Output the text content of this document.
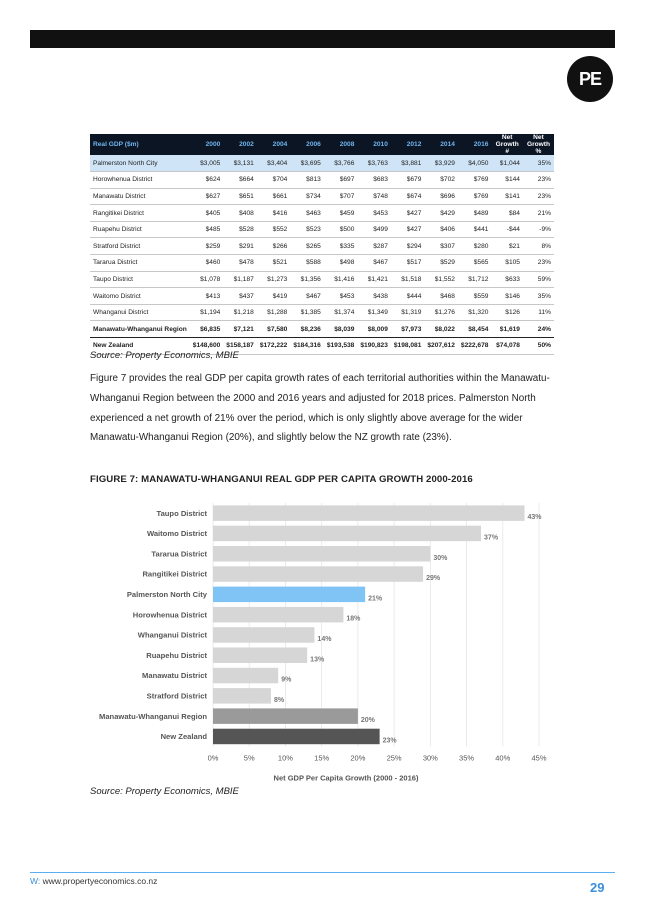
PE
Real GDP ($m)	2000	2002	2004	2006	2008	2010	2012	2014	2016	Net Growth #	Net Growth %
Palmerston North City	$3,005	$3,131	$3,404	$3,695	$3,766	$3,763	$3,881	$3,929	$4,050	$1,044	35%
Horowhenua District	$624	$664	$704	$813	$697	$683	$679	$702	$769	$144	23%
Manawatu District	$627	$651	$661	$734	$707	$748	$674	$696	$769	$141	23%
Rangitikei District	$405	$408	$416	$463	$459	$453	$427	$429	$489	$84	21%
Ruapehu District	$485	$528	$552	$523	$500	$499	$427	$406	$441	-$44	-9%
Stratford District	$259	$291	$266	$265	$335	$287	$294	$307	$280	$21	8%
Tararua District	$460	$478	$521	$588	$498	$467	$517	$529	$565	$105	23%
Taupo District	$1,078	$1,187	$1,273	$1,356	$1,416	$1,421	$1,518	$1,552	$1,712	$633	59%
Waitomo District	$413	$437	$419	$467	$453	$438	$444	$468	$559	$146	35%
Whanganui District	$1,194	$1,218	$1,288	$1,385	$1,374	$1,349	$1,319	$1,276	$1,320	$126	11%
Manawatu-Whanganui Region	$6,835	$7,121	$7,580	$8,236	$8,039	$8,009	$7,973	$8,022	$8,454	$1,619	24%
New Zealand	$148,600	$158,187	$172,222	$184,316	$193,538	$190,823	$198,081	$207,612	$222,678	$74,078	50%
Source: Property Economics, MBIE

Figure 7 provides the real GDP per capita growth rates of each territorial authorities within the Manawatu-Whanganui Region between the 2000 and 2016 years and adjusted for 2018 prices. Palmerston North experienced a net growth of 21% over the period, which is only slightly above average for the wider Manawatu-Whanganui Region (20%), and slightly below the NZ growth rate (23%).

FIGURE 7: MANAWATU-WHANGANUI REAL GDP PER CAPITA GROWTH 2000-2016
0%	5%	10%	15%	20%	25%	30%	35%	40%	45%
Taupo District	43%
Waitomo District	37%
Tararua District	30%
Rangitikei District	29%
Palmerston North City	21%
Horowhenua District	18%
Whanganui District	14%
Ruapehu District	13%
Manawatu District	9%
Stratford District	8%
Manawatu-Whanganui Region	20%
New Zealand	23%
Net GDP Per Capita Growth (2000 - 2016)
Source: Property Economics, MBIE
W: www.propertyeconomics.co.nz	29
